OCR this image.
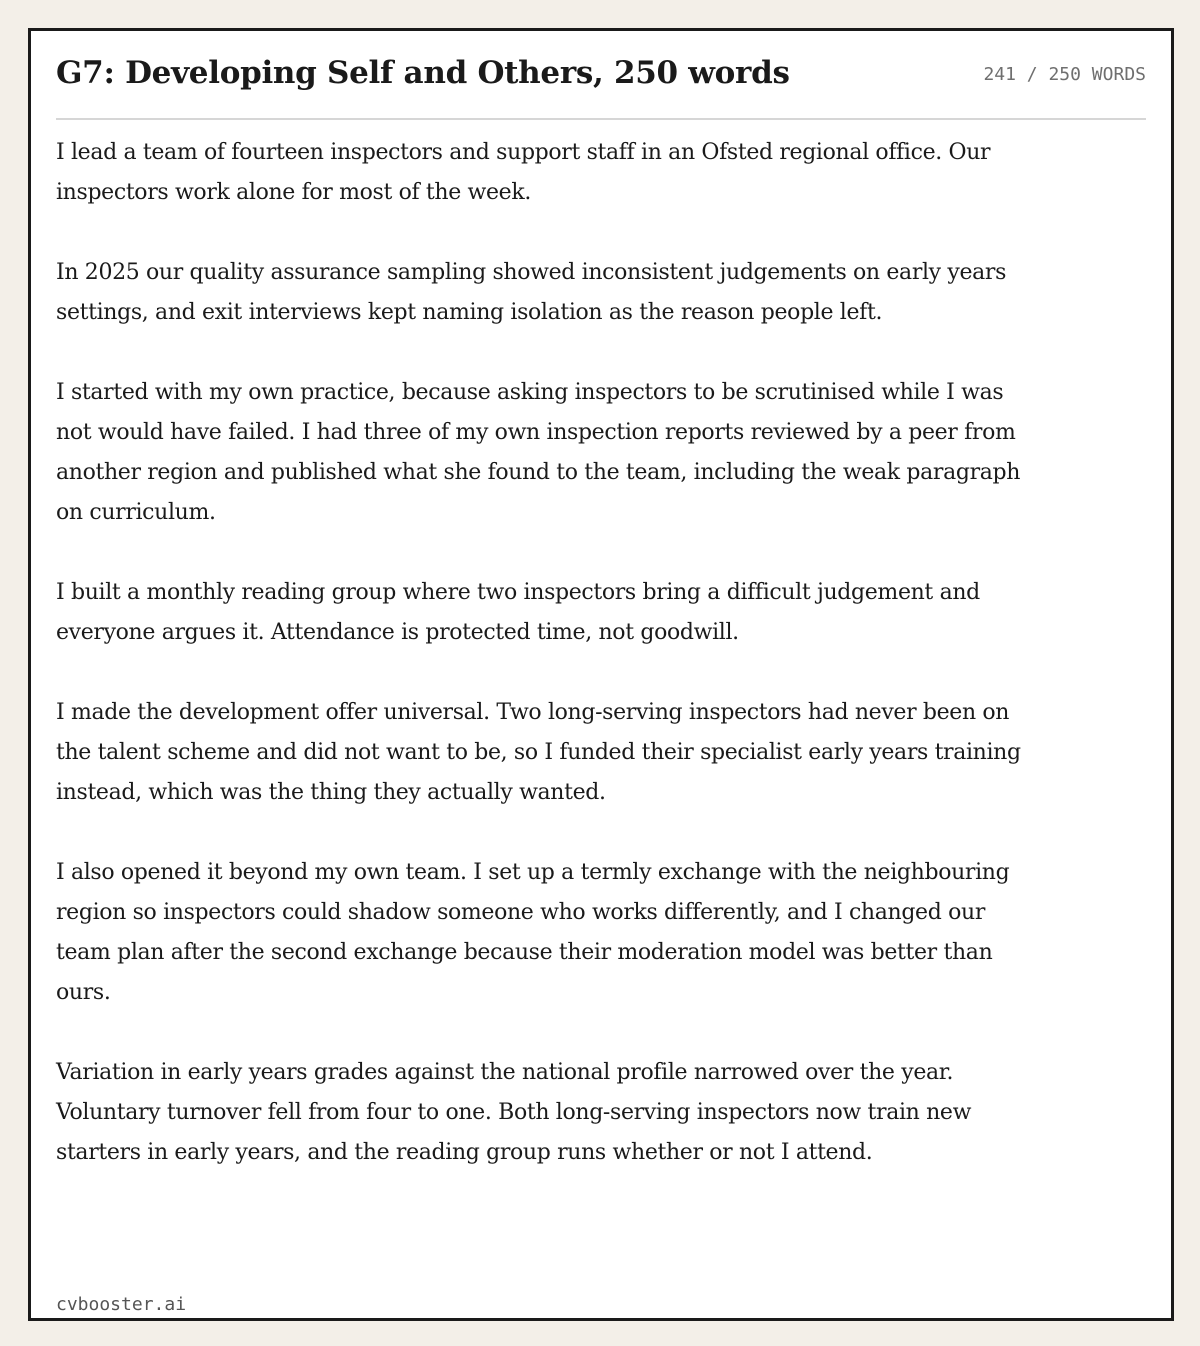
G7: Developing Self and Others, 250 words	241 / 250 WORDS

I lead a team of fourteen inspectors and support staff in an Ofsted regional office. Our inspectors work alone for most of the week.

In 2025 our quality assurance sampling showed inconsistent judgements on early years settings, and exit interviews kept naming isolation as the reason people left.

I started with my own practice, because asking inspectors to be scrutinised while I was not would have failed. I had three of my own inspection reports reviewed by a peer from another region and published what she found to the team, including the weak paragraph on curriculum.

I built a monthly reading group where two inspectors bring a difficult judgement and everyone argues it. Attendance is protected time, not goodwill.

I made the development offer universal. Two long-serving inspectors had never been on the talent scheme and did not want to be, so I funded their specialist early years training instead, which was the thing they actually wanted.

I also opened it beyond my own team. I set up a termly exchange with the neighbouring region so inspectors could shadow someone who works differently, and I changed our team plan after the second exchange because their moderation model was better than ours.

Variation in early years grades against the national profile narrowed over the year. Voluntary turnover fell from four to one. Both long-serving inspectors now train new starters in early years, and the reading group runs whether or not I attend.

cvbooster.ai
